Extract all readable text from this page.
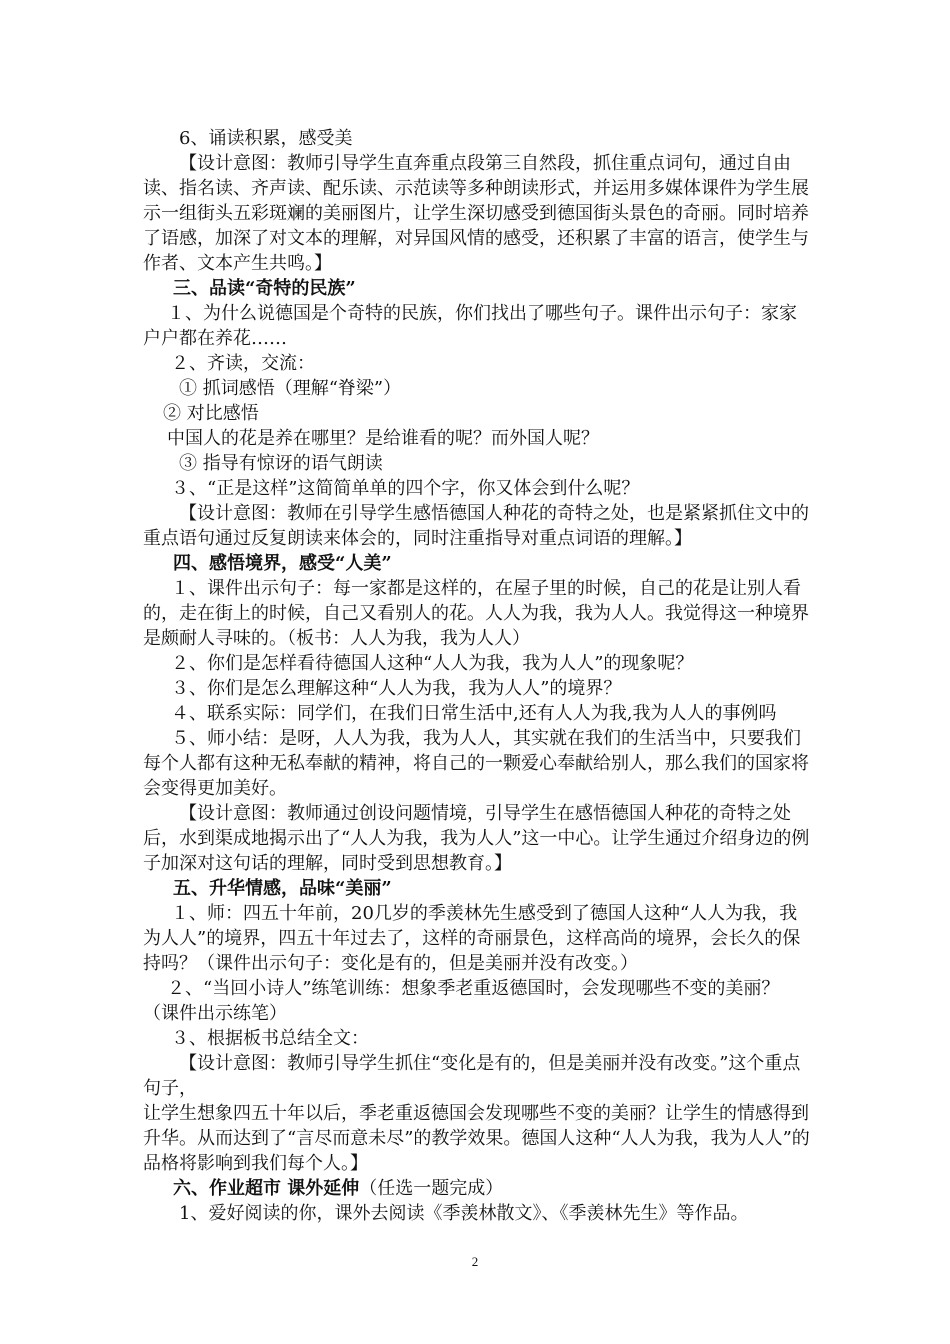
6、诵读积累，感受美

【设计意图：教师引导学生直奔重点段第三自然段，抓住重点词句，通过自由读、指名读、齐声读、配乐读、示范读等多种朗读形式，并运用多媒体课件为学生展示一组街头五彩斑斓的美丽图片，让学生深切感受到德国街头景色的奇丽。同时培养了语感，加深了对文本的理解，对异国风情的感受，还积累了丰富的语言，使学生与作者、文本产生共鸣。】

三、品读“奇特的民族”

１、为什么说德国是个奇特的民族，你们找出了哪些句子。课件出示句子：家家户户都在养花……

２、齐读，交流：

① 抓词感悟（理解“脊梁”）

② 对比感悟

中国人的花是养在哪里？是给谁看的呢？而外国人呢？

③ 指导有惊讶的语气朗读

３、“正是这样”这简简单单的四个字，你又体会到什么呢？

【设计意图：教师在引导学生感悟德国人种花的奇特之处，也是紧紧抓住文中的重点语句通过反复朗读来体会的，同时注重指导对重点词语的理解。】

四、感悟境界，感受“人美”

１、课件出示句子：每一家都是这样的，在屋子里的时候，自己的花是让别人看的，走在街上的时候，自己又看别人的花。人人为我，我为人人。我觉得这一种境界是颇耐人寻味的。（板书：人人为我，我为人人）

２、你们是怎样看待德国人这种“人人为我，我为人人”的现象呢？

３、你们是怎么理解这种“人人为我，我为人人”的境界？

４、联系实际：同学们，在我们日常生活中,还有人人为我,我为人人的事例吗

５、师小结：是呀，人人为我，我为人人，其实就在我们的生活当中，只要我们每个人都有这种无私奉献的精神，将自己的一颗爱心奉献给别人，那么我们的国家将会变得更加美好。

【设计意图：教师通过创设问题情境，引导学生在感悟德国人种花的奇特之处后，水到渠成地揭示出了“人人为我，我为人人”这一中心。让学生通过介绍身边的例子加深对这句话的理解，同时受到思想教育。】

五、升华情感，品味“美丽”

１、师：四五十年前，20几岁的季羡林先生感受到了德国人这种“人人为我，我为人人”的境界，四五十年过去了，这样的奇丽景色，这样高尚的境界，会长久的保持吗？（课件出示句子：变化是有的，但是美丽并没有改变。）

２、“当回小诗人”练笔训练：想象季老重返德国时，会发现哪些不变的美丽？（课件出示练笔）

３、根据板书总结全文：

【设计意图：教师引导学生抓住“变化是有的，但是美丽并没有改变。”这个重点句子，

让学生想象四五十年以后，季老重返德国会发现哪些不变的美丽？让学生的情感得到升华。从而达到了“言尽而意未尽”的教学效果。德国人这种“人人为我，我为人人”的品格将影响到我们每个人。】

六、作业超市 课外延伸（任选一题完成）

1、爱好阅读的你，课外去阅读《季羡林散文》、《季羡林先生》等作品。

2
